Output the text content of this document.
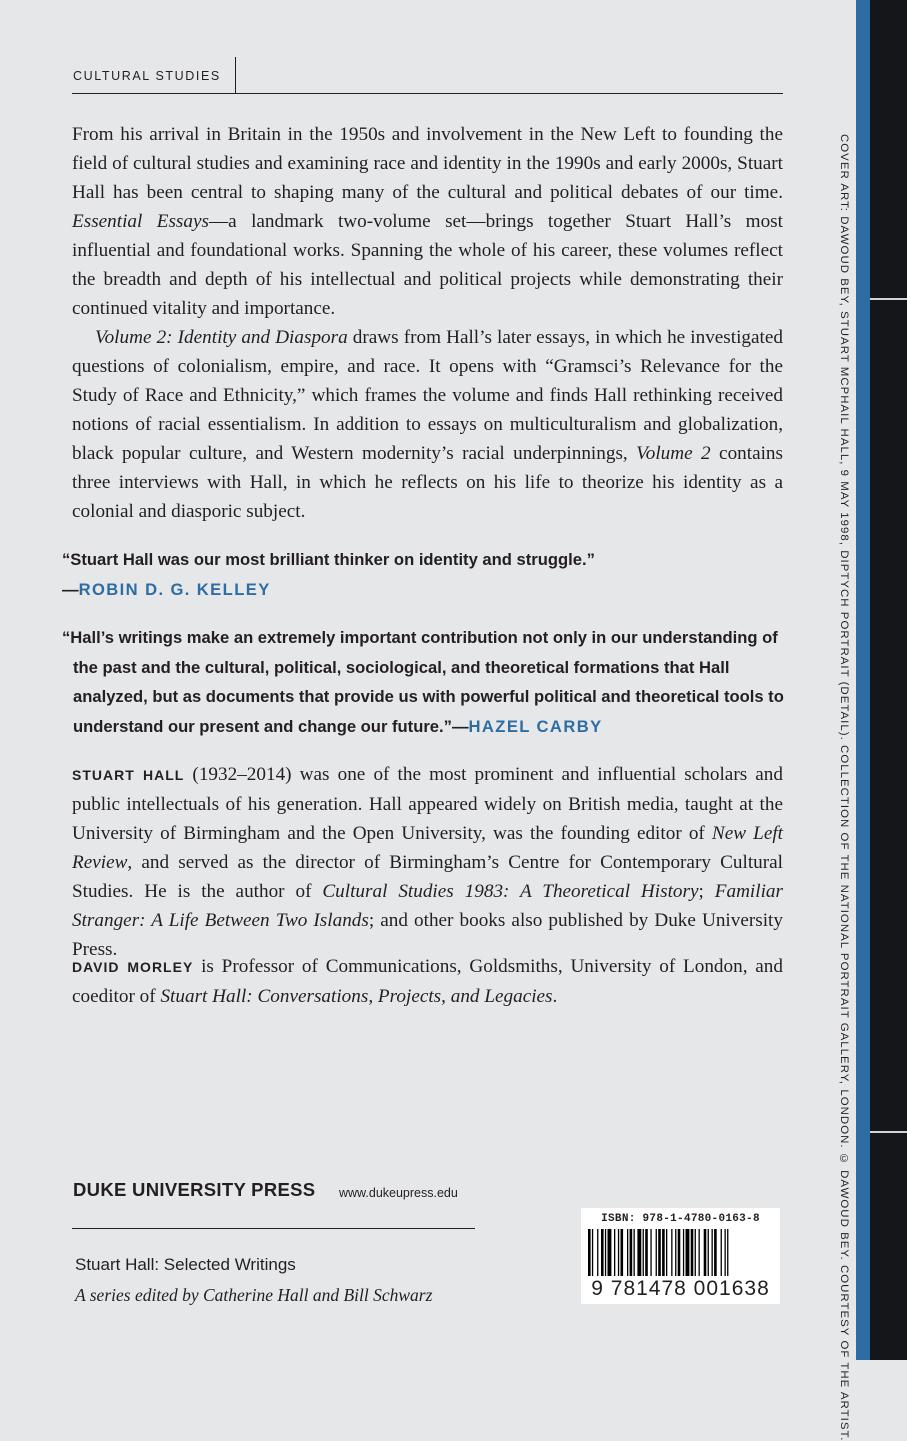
COVER ART: DAWOUD BEY, STUART MCPHAIL HALL, 9 MAY 1998, DIPTYCH PORTRAIT (DETAIL). COLLECTION OF THE NATIONAL PORTRAIT GALLERY, LONDON. © DAWOUD BEY. COURTESY OF THE ARTIST.
CULTURAL STUDIES

From his arrival in Britain in the 1950s and involvement in the New Left to founding the field of cultural studies and examining race and identity in the 1990s and early 2000s, Stuart Hall has been central to shaping many of the cultural and political debates of our time. Essential Essays—a landmark two-volume set—brings together Stuart Hall’s most influential and foundational works. Spanning the whole of his career, these volumes reflect the breadth and depth of his intellectual and political projects while demonstrating their continued vitality and importance.

Volume 2: Identity and Diaspora draws from Hall’s later essays, in which he investigated questions of colonialism, empire, and race. It opens with “Gramsci’s Relevance for the Study of Race and Ethnicity,” which frames the volume and finds Hall rethinking received notions of racial essentialism. In addition to essays on multiculturalism and globalization, black popular culture, and Western modernity’s racial underpinnings, Volume 2 contains three interviews with Hall, in which he reflects on his life to theorize his identity as a colonial and diasporic subject.

“Stuart Hall was our most brilliant thinker on identity and struggle.”
—ROBIN D. G. KELLEY
“Hall’s writings make an extremely important contribution not only in our understanding of the past and the cultural, political, sociological, and theoretical formations that Hall analyzed, but as documents that provide us with powerful political and theoretical tools to understand our present and change our future.”—HAZEL CARBY

STUART HALL (1932–2014) was one of the most prominent and influential scholars and public intellectuals of his generation. Hall appeared widely on British media, taught at the University of Birmingham and the Open University, was the founding editor of New Left Review, and served as the director of Birmingham’s Centre for Contemporary Cultural Studies. He is the author of Cultural Studies 1983: A Theoretical History; Familiar Stranger: A Life Between Two Islands; and other books also published by Duke University Press.

DAVID MORLEY is Professor of Communications, Goldsmiths, University of London, and coeditor of Stuart Hall: Conversations, Projects, and Legacies.

DUKE UNIVERSITY PRESS www.dukeupress.edu
Stuart Hall: Selected Writings
A series edited by Catherine Hall and Bill Schwarz
ISBN: 978-1-4780-0163-8
9 781478 001638
